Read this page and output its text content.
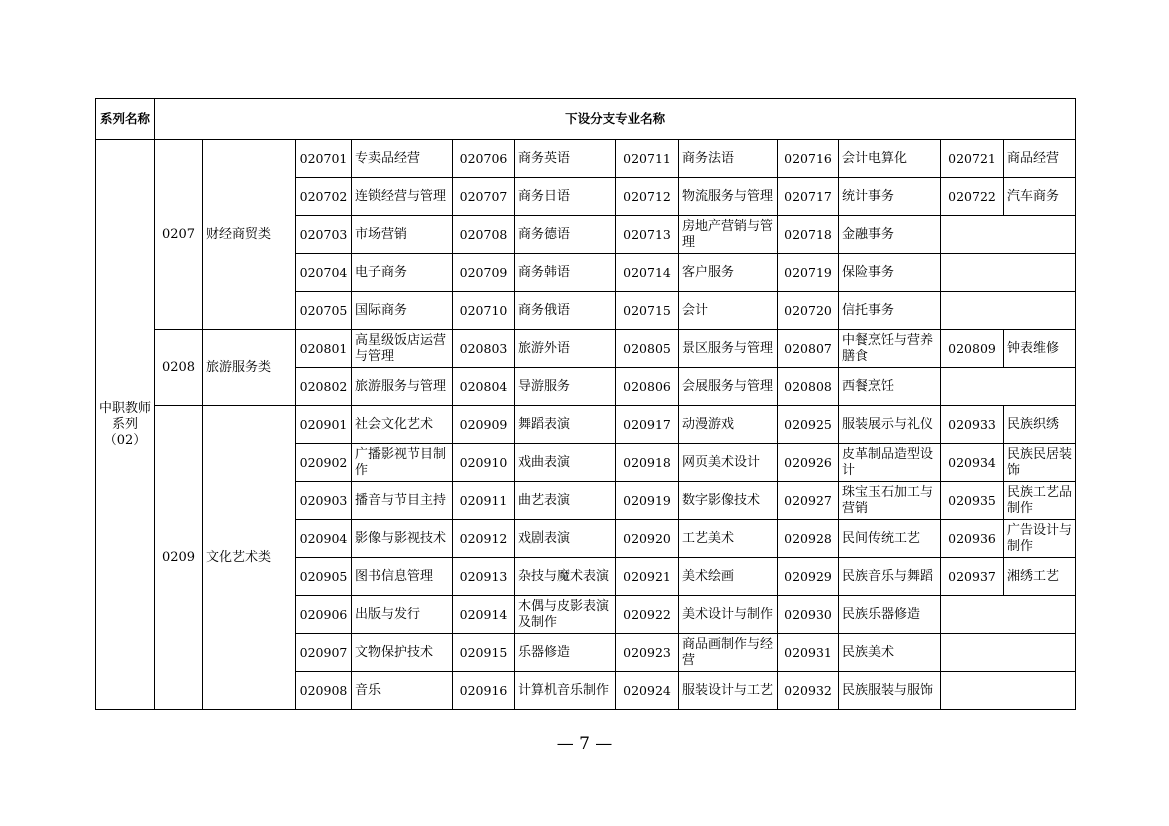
系列名称	下设分支专业名称											
中职教师系列（02）	0207	财经商贸类	020701	专卖品经营	020706	商务英语	020711	商务法语	020716	会计电算化	020721	商品经营
			020702	连锁经营与管理	020707	商务日语	020712	物流服务与管理	020717	统计事务	020722	汽车商务
			020703	市场营销	020708	商务德语	020713	房地产营销与管理	020718	金融事务		
			020704	电子商务	020709	商务韩语	020714	客户服务	020719	保险事务		
			020705	国际商务	020710	商务俄语	020715	会计	020720	信托事务		
	0208	旅游服务类	020801	高星级饭店运营与管理	020803	旅游外语	020805	景区服务与管理	020807	中餐烹饪与营养膳食	020809	钟表维修
			020802	旅游服务与管理	020804	导游服务	020806	会展服务与管理	020808	西餐烹饪		
	0209	文化艺术类	020901	社会文化艺术	020909	舞蹈表演	020917	动漫游戏	020925	服装展示与礼仪	020933	民族织绣
			020902	广播影视节目制作	020910	戏曲表演	020918	网页美术设计	020926	皮革制品造型设计	020934	民族民居装饰
			020903	播音与节目主持	020911	曲艺表演	020919	数字影像技术	020927	珠宝玉石加工与营销	020935	民族工艺品制作
			020904	影像与影视技术	020912	戏剧表演	020920	工艺美术	020928	民间传统工艺	020936	广告设计与制作
			020905	图书信息管理	020913	杂技与魔术表演	020921	美术绘画	020929	民族音乐与舞蹈	020937	湘绣工艺
			020906	出版与发行	020914	木偶与皮影表演及制作	020922	美术设计与制作	020930	民族乐器修造		
			020907	文物保护技术	020915	乐器修造	020923	商品画制作与经营	020931	民族美术		
			020908	音乐	020916	计算机音乐制作	020924	服装设计与工艺	020932	民族服装与服饰		
— 7 —
